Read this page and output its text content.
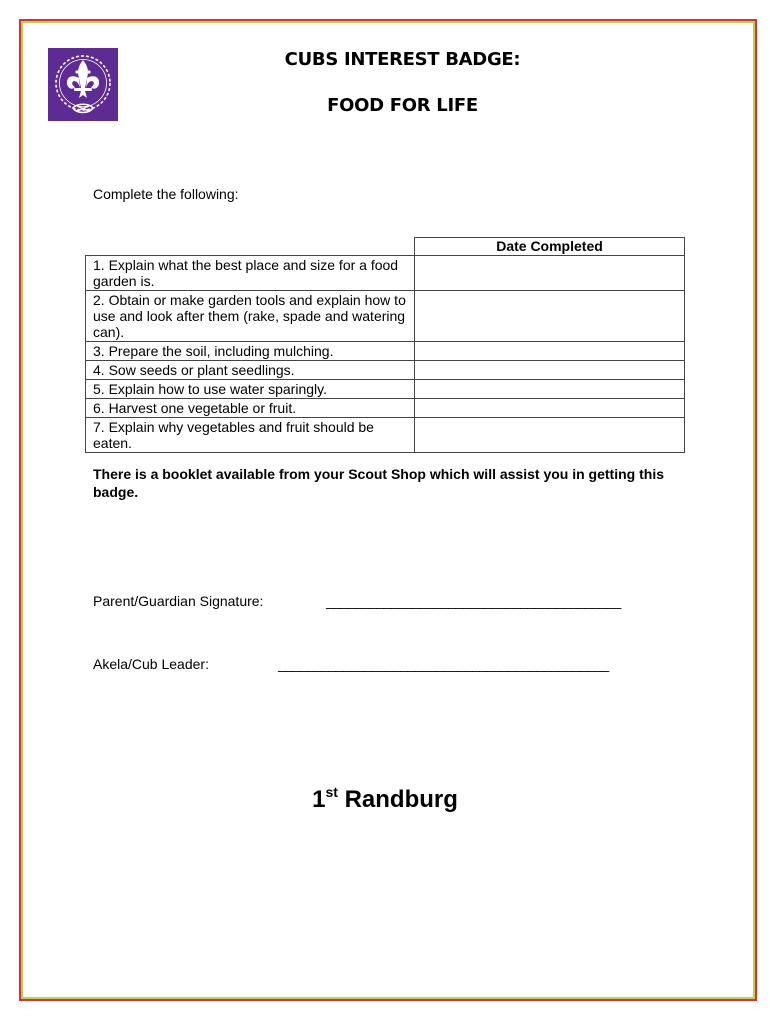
CUBS INTEREST BADGE:
FOOD FOR LIFE
Complete the following:
	Date Completed
1. Explain what the best place and size for a food garden is.	
2. Obtain or make garden tools and explain how to use and look after them (rake, spade and watering can).	
3. Prepare the soil, including mulching.	
4. Sow seeds or plant seedlings.	
5. Explain how to use water sparingly.	
6. Harvest one vegetable or fruit.	
7. Explain why vegetables and fruit should be eaten.	
There is a booklet available from your Scout Shop which will assist you in getting this badge.
Parent/Guardian Signature:	_________________________________________
Akela/Cub Leader:	______________________________________________
1st Randburg
